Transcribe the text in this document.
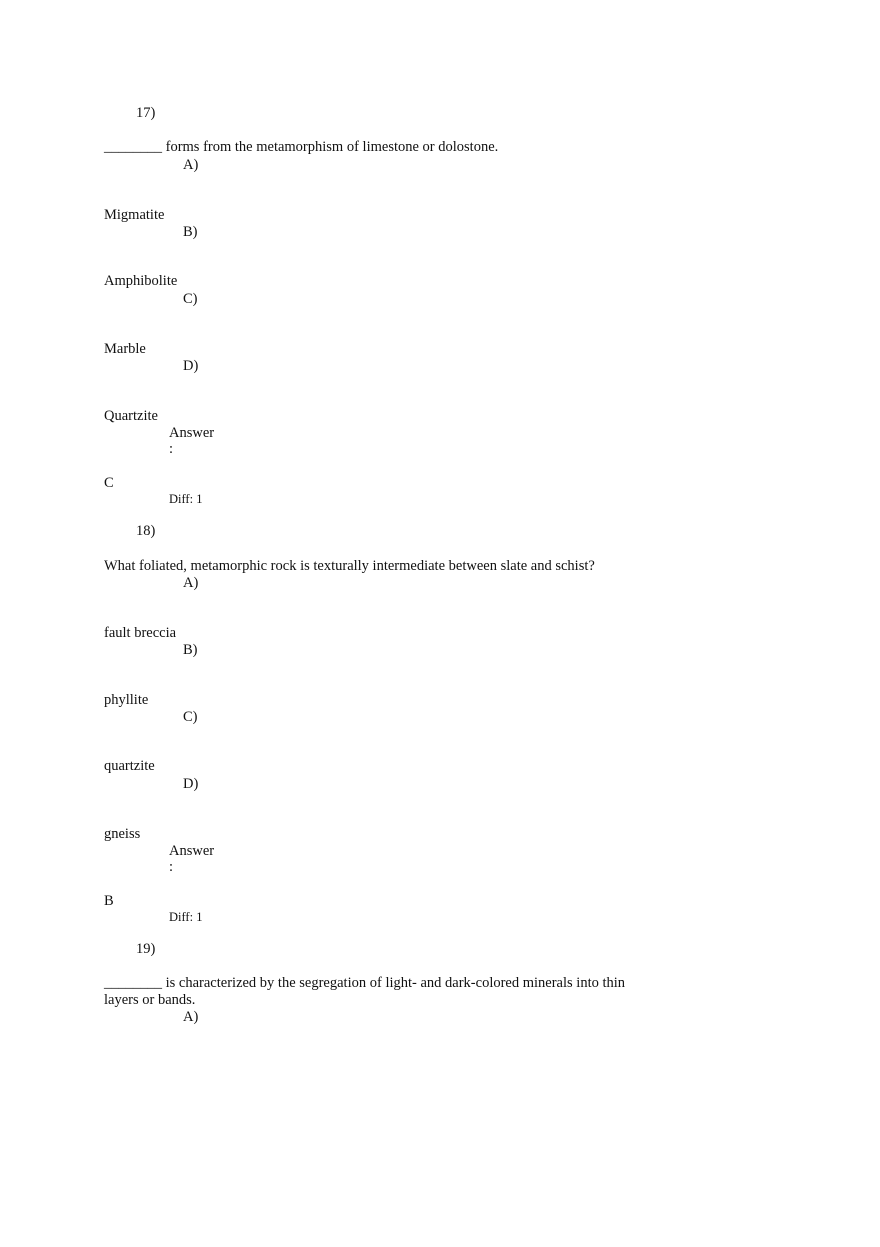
17)
________ forms from the metamorphism of limestone or dolostone.
A)
Migmatite
B)
Amphibolite
C)
Marble
D)
Quartzite
Answer
:
C
Diff: 1
18)
What foliated, metamorphic rock is texturally intermediate between slate and schist?
A)
fault breccia
B)
phyllite
C)
quartzite
D)
gneiss
Answer
:
B
Diff: 1
19)
________ is characterized by the segregation of light- and dark-colored minerals into thin layers or bands.
A)
